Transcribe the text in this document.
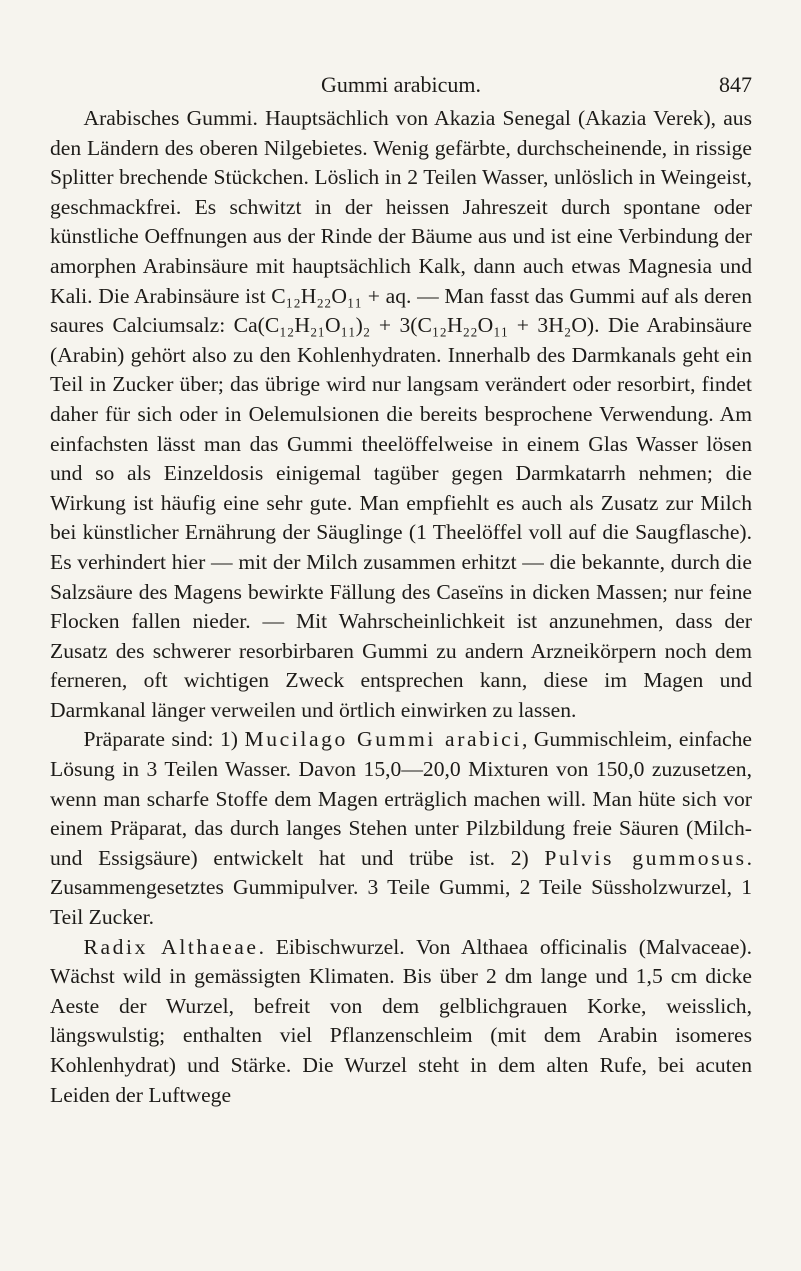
Gummi arabicum.	847

Arabisches Gummi. Hauptsächlich von Akazia Senegal (Akazia Verek), aus den Ländern des oberen Nilgebietes. Wenig gefärbte, durchscheinende, in rissige Splitter brechende Stückchen. Löslich in 2 Teilen Wasser, unlöslich in Weingeist, geschmackfrei. Es schwitzt in der heissen Jahreszeit durch spontane oder künstliche Oeffnungen aus der Rinde der Bäume aus und ist eine Verbindung der amorphen Arabinsäure mit hauptsächlich Kalk, dann auch etwas Magnesia und Kali. Die Arabinsäure ist C₁₂H₂₂O₁₁ + aq. — Man fasst das Gummi auf als deren saures Calciumsalz: Ca(C₁₂H₂₁O₁₁)₂ + 3(C₁₂H₂₂O₁₁ + 3H₂O). Die Arabinsäure (Arabin) gehört also zu den Kohlenhydraten. Innerhalb des Darmkanals geht ein Teil in Zucker über; das übrige wird nur langsam verändert oder resorbirt, findet daher für sich oder in Oelemulsionen die bereits besprochene Verwendung. Am einfachsten lässt man das Gummi theelöffelweise in einem Glas Wasser lösen und so als Einzeldosis einigemal tagüber gegen Darmkatarrh nehmen; die Wirkung ist häufig eine sehr gute. Man empfiehlt es auch als Zusatz zur Milch bei künstlicher Ernährung der Säuglinge (1 Theelöffel voll auf die Saugflasche). Es verhindert hier — mit der Milch zusammen erhitzt — die bekannte, durch die Salzsäure des Magens bewirkte Fällung des Caseïns in dicken Massen; nur feine Flocken fallen nieder. — Mit Wahrscheinlichkeit ist anzunehmen, dass der Zusatz des schwerer resorbirbaren Gummi zu andern Arzneikörpern noch dem ferneren, oft wichtigen Zweck entsprechen kann, diese im Magen und Darmkanal länger verweilen und örtlich einwirken zu lassen.

Präparate sind: 1) Mucilago Gummi arabici, Gummischleim, einfache Lösung in 3 Teilen Wasser. Davon 15,0—20,0 Mixturen von 150,0 zuzusetzen, wenn man scharfe Stoffe dem Magen erträglich machen will. Man hüte sich vor einem Präparat, das durch langes Stehen unter Pilzbildung freie Säuren (Milch- und Essigsäure) entwickelt hat und trübe ist. 2) Pulvis gummosus. Zusammengesetztes Gummipulver. 3 Teile Gummi, 2 Teile Süssholzwurzel, 1 Teil Zucker.

Radix Althaeae. Eibischwurzel. Von Althaea officinalis (Malvaceae). Wächst wild in gemässigten Klimaten. Bis über 2 dm lange und 1,5 cm dicke Aeste der Wurzel, befreit von dem gelblichgrauen Korke, weisslich, längswulstig; enthalten viel Pflanzenschleim (mit dem Arabin isomeres Kohlenhydrat) und Stärke. Die Wurzel steht in dem alten Rufe, bei acuten Leiden der Luftwege
